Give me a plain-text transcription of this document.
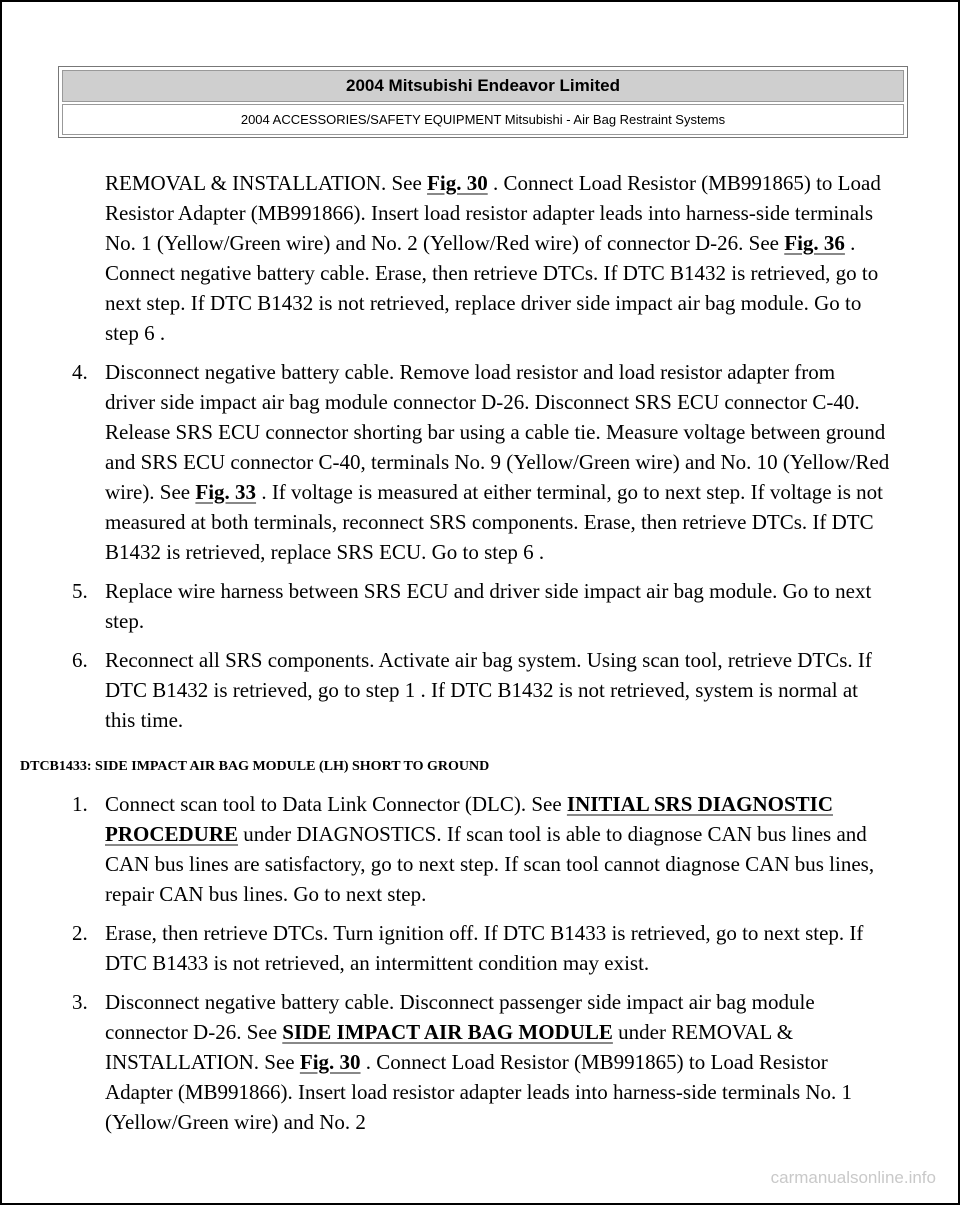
2004 Mitsubishi Endeavor Limited
2004 ACCESSORIES/SAFETY EQUIPMENT Mitsubishi - Air Bag Restraint Systems
REMOVAL & INSTALLATION. See Fig. 30 . Connect Load Resistor (MB991865) to Load Resistor Adapter (MB991866). Insert load resistor adapter leads into harness-side terminals No. 1 (Yellow/Green wire) and No. 2 (Yellow/Red wire) of connector D-26. See Fig. 36 . Connect negative battery cable. Erase, then retrieve DTCs. If DTC B1432 is retrieved, go to next step. If DTC B1432 is not retrieved, replace driver side impact air bag module. Go to step 6 .
4. Disconnect negative battery cable. Remove load resistor and load resistor adapter from driver side impact air bag module connector D-26. Disconnect SRS ECU connector C-40. Release SRS ECU connector shorting bar using a cable tie. Measure voltage between ground and SRS ECU connector C-40, terminals No. 9 (Yellow/Green wire) and No. 10 (Yellow/Red wire). See Fig. 33 . If voltage is measured at either terminal, go to next step. If voltage is not measured at both terminals, reconnect SRS components. Erase, then retrieve DTCs. If DTC B1432 is retrieved, replace SRS ECU. Go to step 6 .
5. Replace wire harness between SRS ECU and driver side impact air bag module. Go to next step.
6. Reconnect all SRS components. Activate air bag system. Using scan tool, retrieve DTCs. If DTC B1432 is retrieved, go to step 1 . If DTC B1432 is not retrieved, system is normal at this time.
DTCB1433: SIDE IMPACT AIR BAG MODULE (LH) SHORT TO GROUND
1. Connect scan tool to Data Link Connector (DLC). See INITIAL SRS DIAGNOSTIC PROCEDURE under DIAGNOSTICS. If scan tool is able to diagnose CAN bus lines and CAN bus lines are satisfactory, go to next step. If scan tool cannot diagnose CAN bus lines, repair CAN bus lines. Go to next step.
2. Erase, then retrieve DTCs. Turn ignition off. If DTC B1433 is retrieved, go to next step. If DTC B1433 is not retrieved, an intermittent condition may exist.
3. Disconnect negative battery cable. Disconnect passenger side impact air bag module connector D-26. See SIDE IMPACT AIR BAG MODULE under REMOVAL & INSTALLATION. See Fig. 30 . Connect Load Resistor (MB991865) to Load Resistor Adapter (MB991866). Insert load resistor adapter leads into harness-side terminals No. 1 (Yellow/Green wire) and No. 2
carmanualsonline.info
